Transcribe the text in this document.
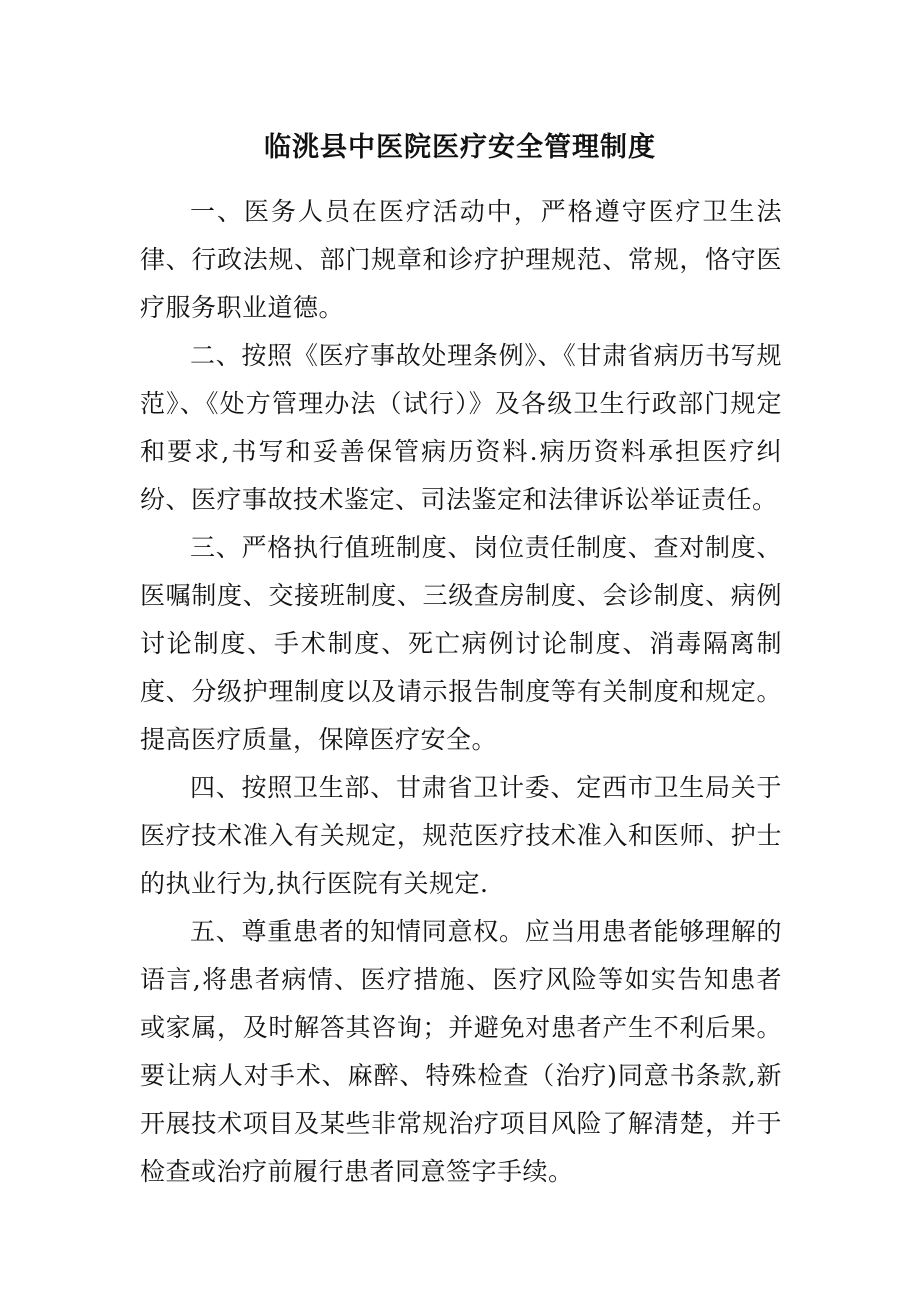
临洮县中医院医疗安全管理制度

一、医务人员在医疗活动中，严格遵守医疗卫生法律、行政法规、部门规章和诊疗护理规范、常规，恪守医疗服务职业道德。

二、按照《医疗事故处理条例》、《甘肃省病历书写规范》、《处方管理办法（试行）》及各级卫生行政部门规定和要求,书写和妥善保管病历资料.病历资料承担医疗纠纷、医疗事故技术鉴定、司法鉴定和法律诉讼举证责任。

三、严格执行值班制度、岗位责任制度、查对制度、医嘱制度、交接班制度、三级查房制度、会诊制度、病例讨论制度、手术制度、死亡病例讨论制度、消毒隔离制度、分级护理制度以及请示报告制度等有关制度和规定。提高医疗质量，保障医疗安全。

四、按照卫生部、甘肃省卫计委、定西市卫生局关于医疗技术准入有关规定，规范医疗技术准入和医师、护士的执业行为,执行医院有关规定.

五、尊重患者的知情同意权。应当用患者能够理解的语言,将患者病情、医疗措施、医疗风险等如实告知患者或家属，及时解答其咨询；并避免对患者产生不利后果。要让病人对手术、麻醉、特殊检查（治疗)同意书条款,新开展技术项目及某些非常规治疗项目风险了解清楚，并于检查或治疗前履行患者同意签字手续。
